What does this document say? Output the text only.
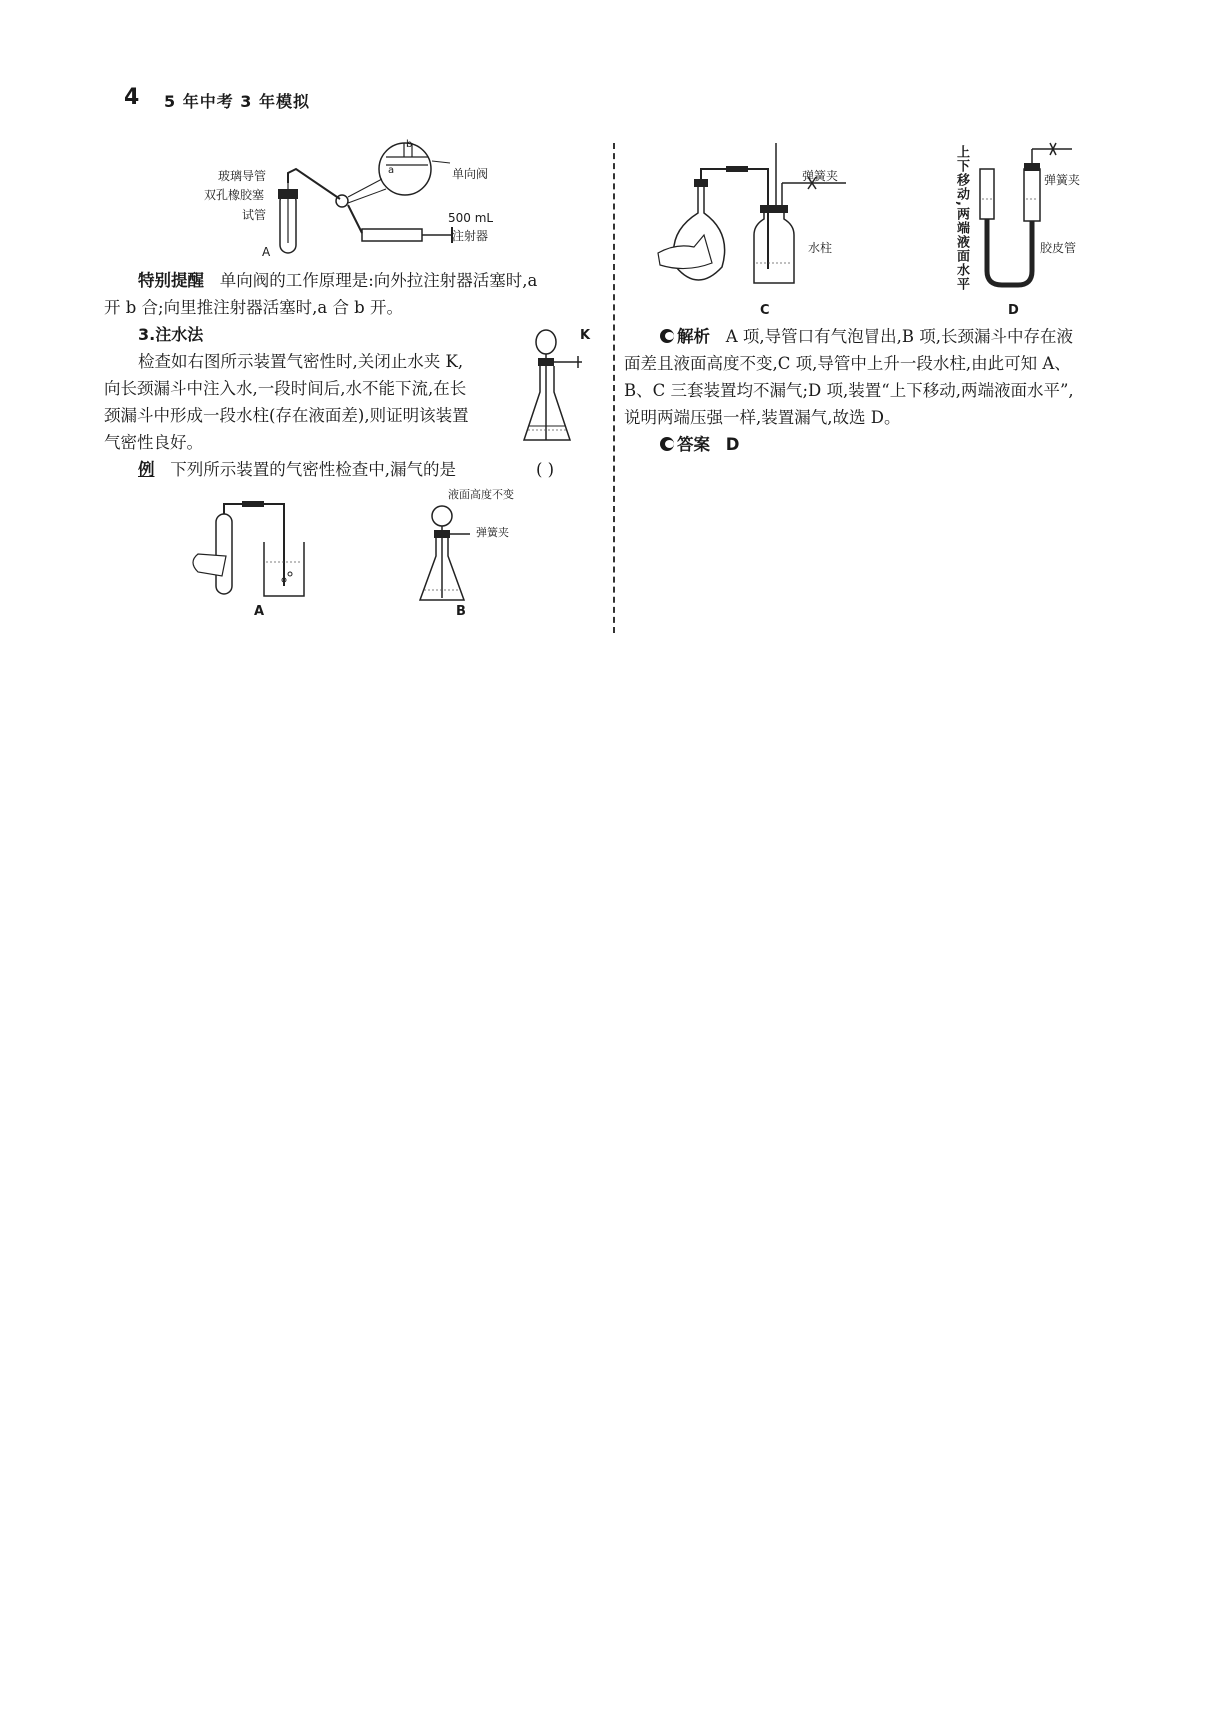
4 5 年中考 3 年模拟
玻璃导管
双孔橡胶塞
试管
A
单向阀
b
a
500 mL
注射器
特别提醒 单向阀的工作原理是:向外拉注射器活塞时,a
开 b 合;向里推注射器活塞时,a 合 b 开。
3.注水法
检查如右图所示装置气密性时,关闭止水夹 K,
向长颈漏斗中注入水,一段时间后,水不能下流,在长
颈漏斗中形成一段水柱(存在液面差),则证明该装置
气密性良好。
K
例 下列所示装置的气密性检查中,漏气的是	( )
A
液面高度不变
弹簧夹
B
弹簧夹
水柱
C
上下移动,两端液面水平	弹簧夹
胶皮管
D
解析 A 项,导管口有气泡冒出,B 项,长颈漏斗中存在液
面差且液面高度不变,C 项,导管中上升一段水柱,由此可知 A、
B、C 三套装置均不漏气;D 项,装置“上下移动,两端液面水平”,
说明两端压强一样,装置漏气,故选 D。
答案 D
